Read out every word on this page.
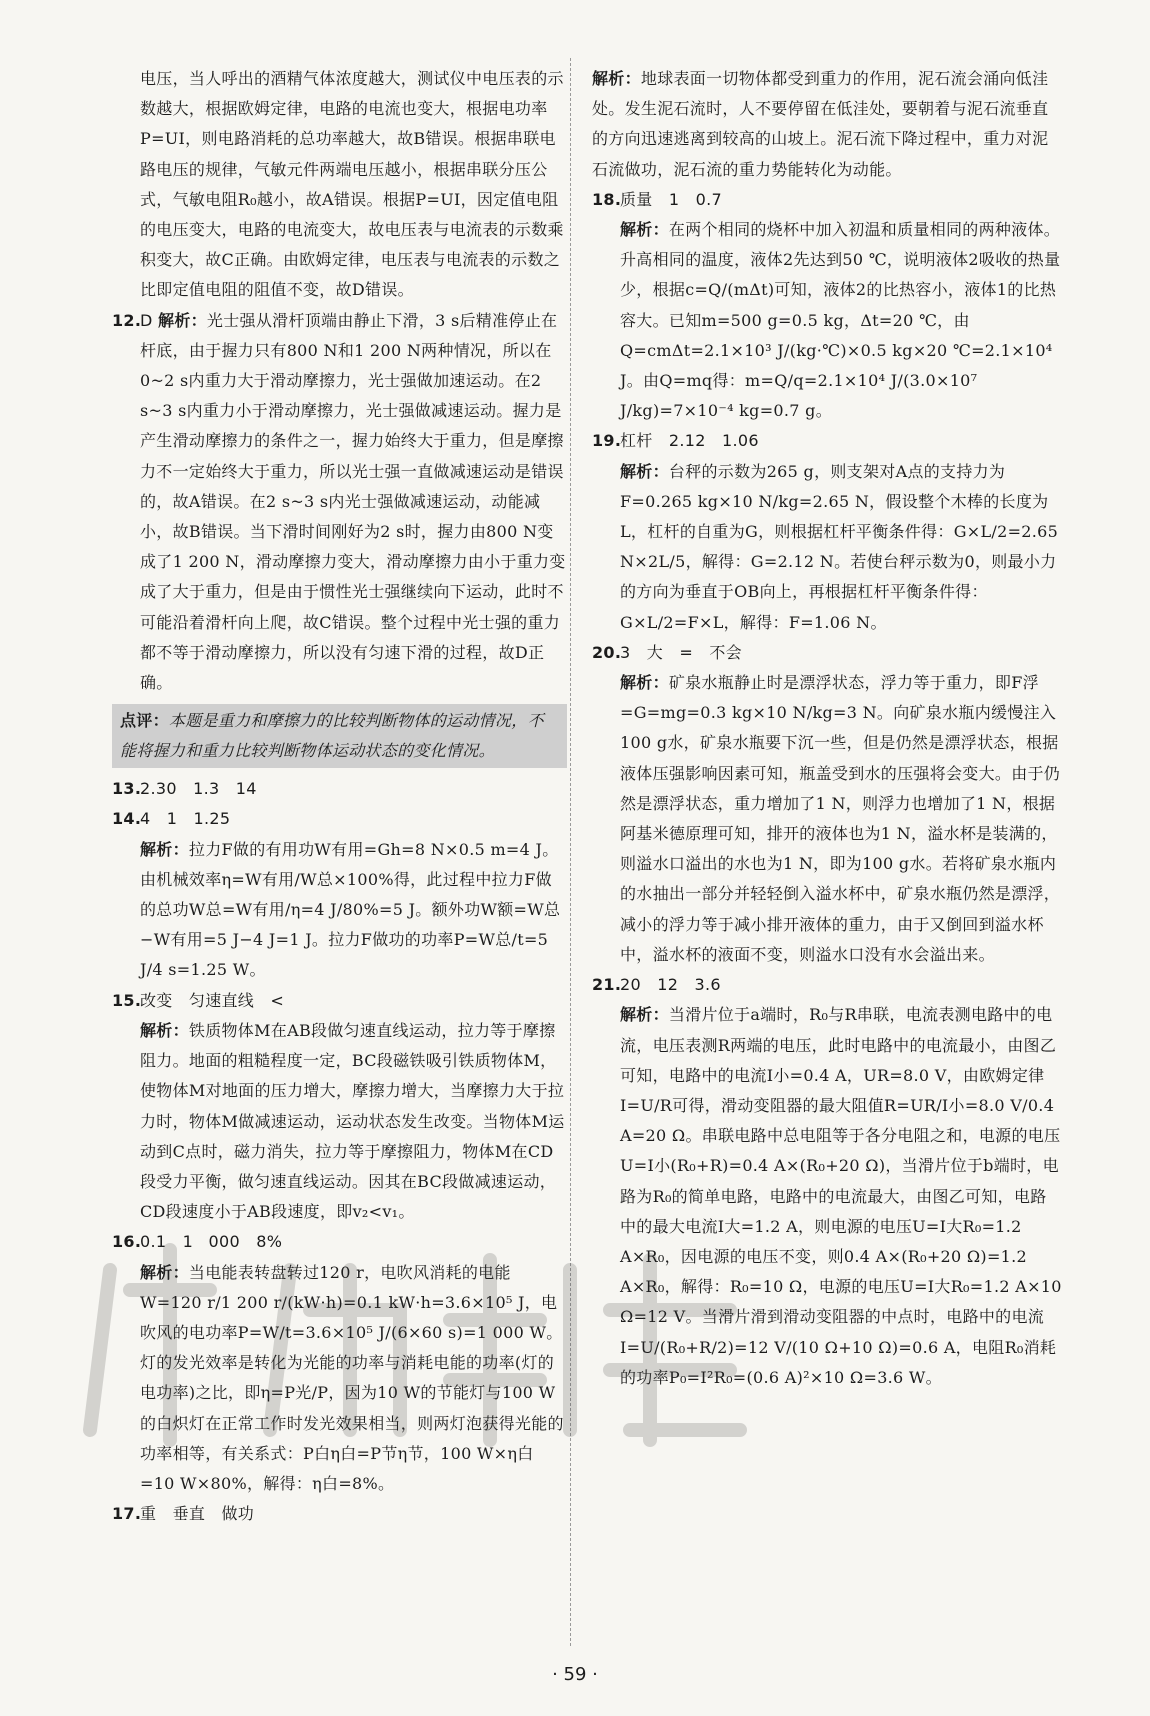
电压，当人呼出的酒精气体浓度越大，测试仪中电压表的示数越大，根据欧姆定律，电路的电流也变大，根据电功率P=UI，则电路消耗的总功率越大，故B错误。根据串联电路电压的规律，气敏元件两端电压越小，根据串联分压公式，气敏电阻R₀越小，故A错误。根据P=UI，因定值电阻的电压变大，电路的电流变大，故电压表与电流表的示数乘积变大，故C正确。由欧姆定律，电压表与电流表的示数之比即定值电阻的阻值不变，故D错误。

12.D 解析：光士强从滑杆顶端由静止下滑，3 s后精准停止在杆底，由于握力只有800 N和1 200 N两种情况，所以在0~2 s内重力大于滑动摩擦力，光士强做加速运动。在2 s~3 s内重力小于滑动摩擦力，光士强做减速运动。握力是产生滑动摩擦力的条件之一，握力始终大于重力，但是摩擦力不一定始终大于重力，所以光士强一直做减速运动是错误的，故A错误。在2 s~3 s内光士强做减速运动，动能减小，故B错误。当下滑时间刚好为2 s时，握力由800 N变成了1 200 N，滑动摩擦力变大，滑动摩擦力由小于重力变成了大于重力，但是由于惯性光士强继续向下运动，此时不可能沿着滑杆向上爬，故C错误。整个过程中光士强的重力都不等于滑动摩擦力，所以没有匀速下滑的过程，故D正确。

点评：本题是重力和摩擦力的比较判断物体的运动情况，不能将握力和重力比较判断物体运动状态的变化情况。

13.2.30　1.3　14

14.4　1　1.25

解析：拉力F做的有用功W有用=Gh=8 N×0.5 m=4 J。由机械效率η=W有用/W总×100%得，此过程中拉力F做的总功W总=W有用/η=4 J/80%=5 J。额外功W额=W总−W有用=5 J−4 J=1 J。拉力F做功的功率P=W总/t=5 J/4 s=1.25 W。

15.改变　匀速直线　<

解析：铁质物体M在AB段做匀速直线运动，拉力等于摩擦阻力。地面的粗糙程度一定，BC段磁铁吸引铁质物体M，使物体M对地面的压力增大，摩擦力增大，当摩擦力大于拉力时，物体M做减速运动，运动状态发生改变。当物体M运动到C点时，磁力消失，拉力等于摩擦阻力，物体M在CD段受力平衡，做匀速直线运动。因其在BC段做减速运动，CD段速度小于AB段速度，即v₂<v₁。

16.0.1　1 000　8%

解析：当电能表转盘转过120 r，电吹风消耗的电能W=120 r/1 200 r/(kW·h)=0.1 kW·h=3.6×10⁵ J，电吹风的电功率P=W/t=3.6×10⁵ J/(6×60 s)=1 000 W。灯的发光效率是转化为光能的功率与消耗电能的功率(灯的电功率)之比，即η=P光/P，因为10 W的节能灯与100 W的白炽灯在正常工作时发光效果相当，则两灯泡获得光能的功率相等，有关系式：P白η白=P节η节，100 W×η白=10 W×80%，解得：η白=8%。

17.重　垂直　做功

解析：地球表面一切物体都受到重力的作用，泥石流会涌向低洼处。发生泥石流时，人不要停留在低洼处，要朝着与泥石流垂直的方向迅速逃离到较高的山坡上。泥石流下降过程中，重力对泥石流做功，泥石流的重力势能转化为动能。

18.质量　1　0.7

解析：在两个相同的烧杯中加入初温和质量相同的两种液体。升高相同的温度，液体2先达到50 ℃，说明液体2吸收的热量少，根据c=Q/(mΔt)可知，液体2的比热容小，液体1的比热容大。已知m=500 g=0.5 kg，Δt=20 ℃，由Q=cmΔt=2.1×10³ J/(kg·℃)×0.5 kg×20 ℃=2.1×10⁴ J。由Q=mq得：m=Q/q=2.1×10⁴ J/(3.0×10⁷ J/kg)=7×10⁻⁴ kg=0.7 g。

19.杠杆　2.12　1.06

解析：台秤的示数为265 g，则支架对A点的支持力为F=0.265 kg×10 N/kg=2.65 N，假设整个木棒的长度为L，杠杆的自重为G，则根据杠杆平衡条件得：G×L/2=2.65 N×2L/5，解得：G=2.12 N。若使台秤示数为0，则最小力的方向为垂直于OB向上，再根据杠杆平衡条件得：G×L/2=F×L，解得：F=1.06 N。

20.3　大　=　不会

解析：矿泉水瓶静止时是漂浮状态，浮力等于重力，即F浮=G=mg=0.3 kg×10 N/kg=3 N。向矿泉水瓶内缓慢注入100 g水，矿泉水瓶要下沉一些，但是仍然是漂浮状态，根据液体压强影响因素可知，瓶盖受到水的压强将会变大。由于仍然是漂浮状态，重力增加了1 N，则浮力也增加了1 N，根据阿基米德原理可知，排开的液体也为1 N，溢水杯是装满的，则溢水口溢出的水也为1 N，即为100 g水。若将矿泉水瓶内的水抽出一部分并轻轻倒入溢水杯中，矿泉水瓶仍然是漂浮，减小的浮力等于减小排开液体的重力，由于又倒回到溢水杯中，溢水杯的液面不变，则溢水口没有水会溢出来。

21.20　12　3.6

解析：当滑片位于a端时，R₀与R串联，电流表测电路中的电流，电压表测R两端的电压，此时电路中的电流最小，由图乙可知，电路中的电流I小=0.4 A，UR=8.0 V，由欧姆定律I=U/R可得，滑动变阻器的最大阻值R=UR/I小=8.0 V/0.4 A=20 Ω。串联电路中总电阻等于各分电阻之和，电源的电压U=I小(R₀+R)=0.4 A×(R₀+20 Ω)，当滑片位于b端时，电路为R₀的简单电路，电路中的电流最大，由图乙可知，电路中的最大电流I大=1.2 A，则电源的电压U=I大R₀=1.2 A×R₀，因电源的电压不变，则0.4 A×(R₀+20 Ω)=1.2 A×R₀，解得：R₀=10 Ω，电源的电压U=I大R₀=1.2 A×10 Ω=12 V。当滑片滑到滑动变阻器的中点时，电路中的电流I=U/(R₀+R/2)=12 V/(10 Ω+10 Ω)=0.6 A，电阻R₀消耗的功率P₀=I²R₀=(0.6 A)²×10 Ω=3.6 W。

· 59 ·
